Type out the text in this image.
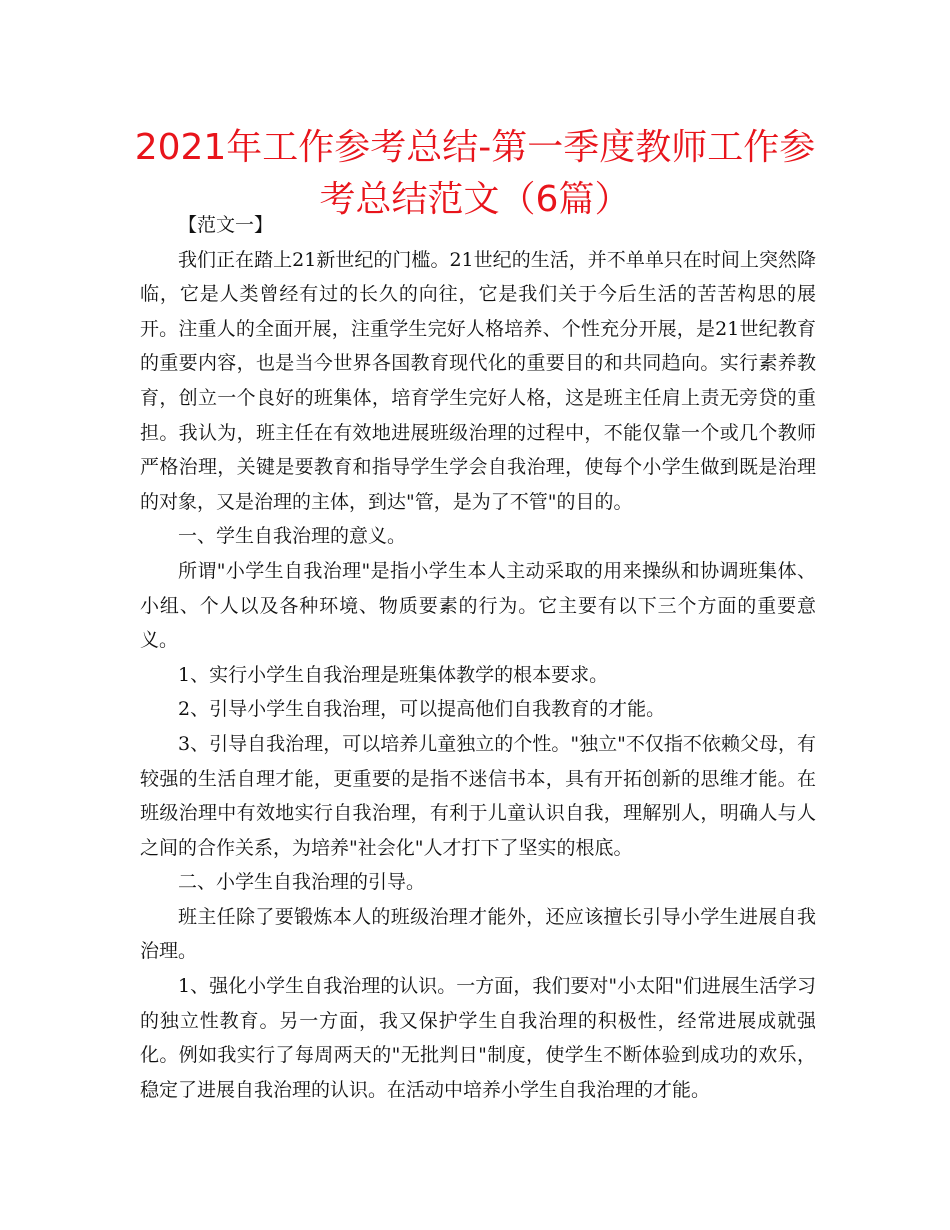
2021年工作参考总结-第一季度教师工作参考总结范文（6篇）

【范文一】

我们正在踏上21新世纪的门槛。21世纪的生活，并不单单只在时间上突然降临，它是人类曾经有过的长久的向往，它是我们关于今后生活的苦苦构思的展开。注重人的全面开展，注重学生完好人格培养、个性充分开展，是21世纪教育的重要内容，也是当今世界各国教育现代化的重要目的和共同趋向。实行素养教育，创立一个良好的班集体，培育学生完好人格，这是班主任肩上责无旁贷的重担。我认为，班主任在有效地进展班级治理的过程中，不能仅靠一个或几个教师严格治理，关键是要教育和指导学生学会自我治理，使每个小学生做到既是治理的对象，又是治理的主体，到达"管，是为了不管"的目的。

一、学生自我治理的意义。

所谓"小学生自我治理"是指小学生本人主动采取的用来操纵和协调班集体、小组、个人以及各种环境、物质要素的行为。它主要有以下三个方面的重要意义。

1、实行小学生自我治理是班集体教学的根本要求。

2、引导小学生自我治理，可以提高他们自我教育的才能。

3、引导自我治理，可以培养儿童独立的个性。"独立"不仅指不依赖父母，有较强的生活自理才能，更重要的是指不迷信书本，具有开拓创新的思维才能。在班级治理中有效地实行自我治理，有利于儿童认识自我，理解别人，明确人与人之间的合作关系，为培养"社会化"人才打下了坚实的根底。

二、小学生自我治理的引导。

班主任除了要锻炼本人的班级治理才能外，还应该擅长引导小学生进展自我治理。

1、强化小学生自我治理的认识。一方面，我们要对"小太阳"们进展生活学习的独立性教育。另一方面，我又保护学生自我治理的积极性，经常进展成就强化。例如我实行了每周两天的"无批判日"制度，使学生不断体验到成功的欢乐，稳定了进展自我治理的认识。在活动中培养小学生自我治理的才能。
